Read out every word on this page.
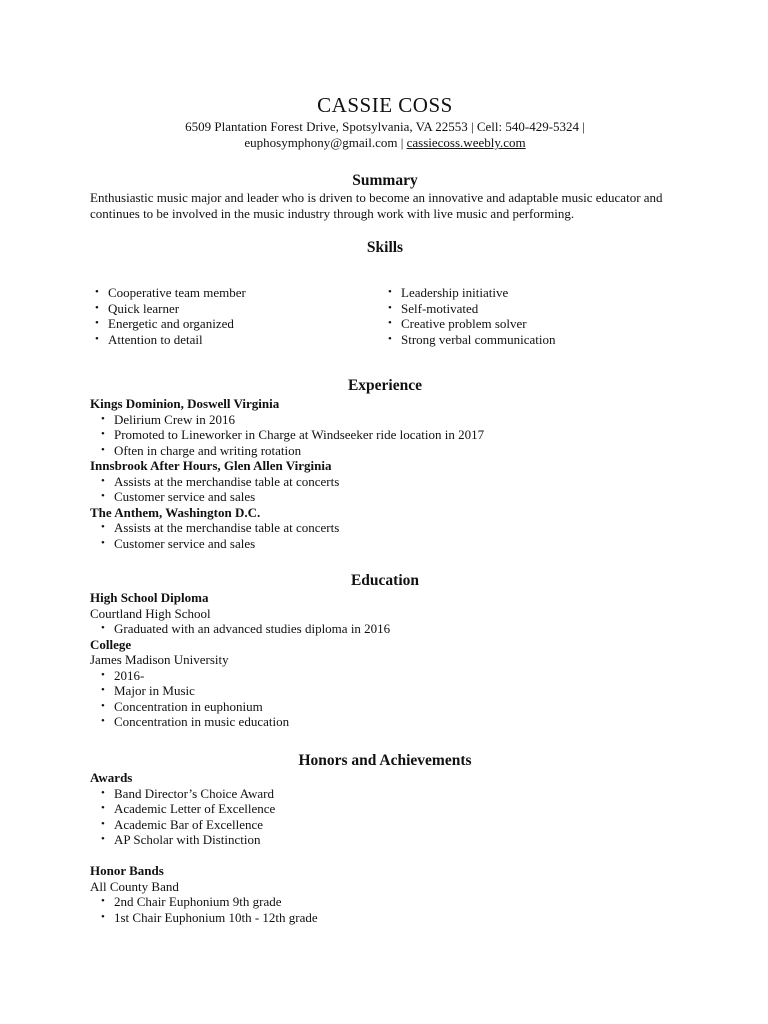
CASSIE COSS
6509 Plantation Forest Drive, Spotsylvania, VA 22553 | Cell: 540-429-5324 |
euphosymphony@gmail.com | cassiecoss.weebly.com
Summary
Enthusiastic music major and leader who is driven to become an innovative and adaptable music educator and continues to be involved in the music industry through work with live music and performing.
Skills
• Cooperative team member
• Quick learner
• Energetic and organized
• Attention to detail
• Leadership initiative
• Self-motivated
• Creative problem solver
• Strong verbal communication
Experience
Kings Dominion, Doswell Virginia
• Delirium Crew in 2016
• Promoted to Lineworker in Charge at Windseeker ride location in 2017
• Often in charge and writing rotation
Innsbrook After Hours, Glen Allen Virginia
• Assists at the merchandise table at concerts
• Customer service and sales
The Anthem, Washington D.C.
• Assists at the merchandise table at concerts
• Customer service and sales
Education
High School Diploma
Courtland High School
• Graduated with an advanced studies diploma in 2016
College
James Madison University
• 2016-
• Major in Music
• Concentration in euphonium
• Concentration in music education
Honors and Achievements
Awards
• Band Director’s Choice Award
• Academic Letter of Excellence
• Academic Bar of Excellence
• AP Scholar with Distinction
Honor Bands
All County Band
• 2nd Chair Euphonium 9th grade
• 1st Chair Euphonium 10th - 12th grade
